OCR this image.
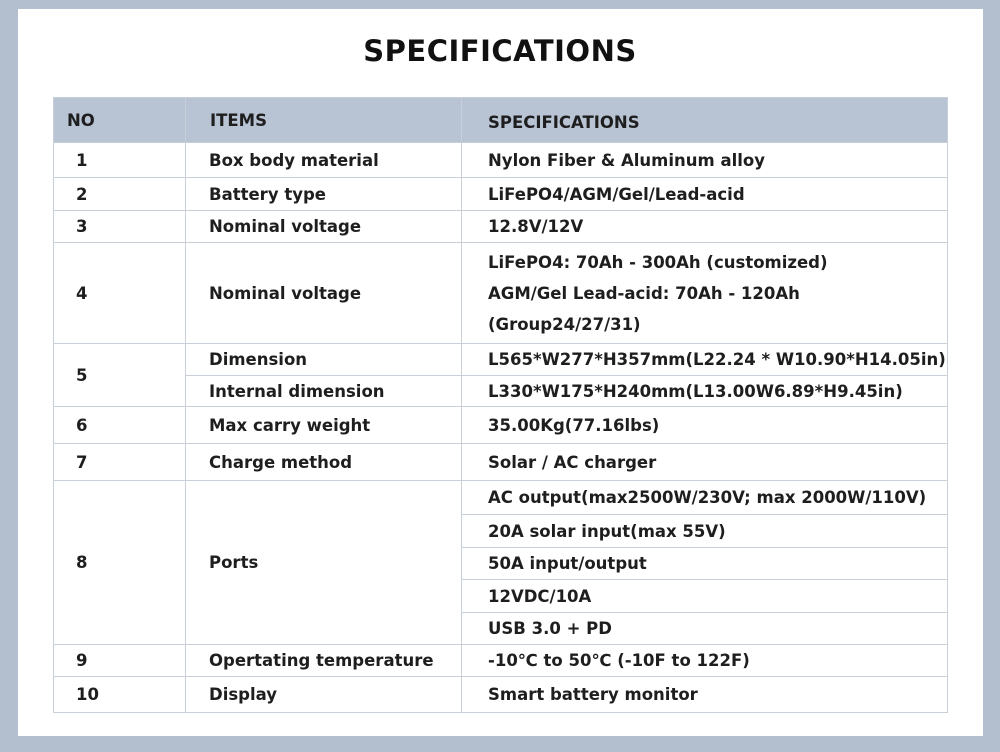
SPECIFICATIONS
NO	ITEMS	SPECIFICATIONS
1	Box body material	Nylon Fiber & Aluminum alloy
2	Battery type	LiFePO4/AGM/Gel/Lead-acid
3	Nominal voltage	12.8V/12V
4	Nominal voltage	LiFePO4: 70Ah - 300Ah (customized)
AGM/Gel Lead-acid: 70Ah - 120Ah
(Group24/27/31)

5	Dimension	L565*W277*H357mm(L22.24 * W10.90*H14.05in)
	Internal dimension	L330*W175*H240mm(L13.00W6.89*H9.45in)
6	Max carry weight	35.00Kg(77.16lbs)
7	Charge method	Solar / AC charger
8	Ports	AC output(max2500W/230V; max 2000W/110V)
		20A solar input(max 55V)
		50A input/output
		12VDC/10A
		USB 3.0 + PD
9	Opertating temperature	-10℃ to 50℃ (-10F to 122F)
10	Display	Smart battery monitor
